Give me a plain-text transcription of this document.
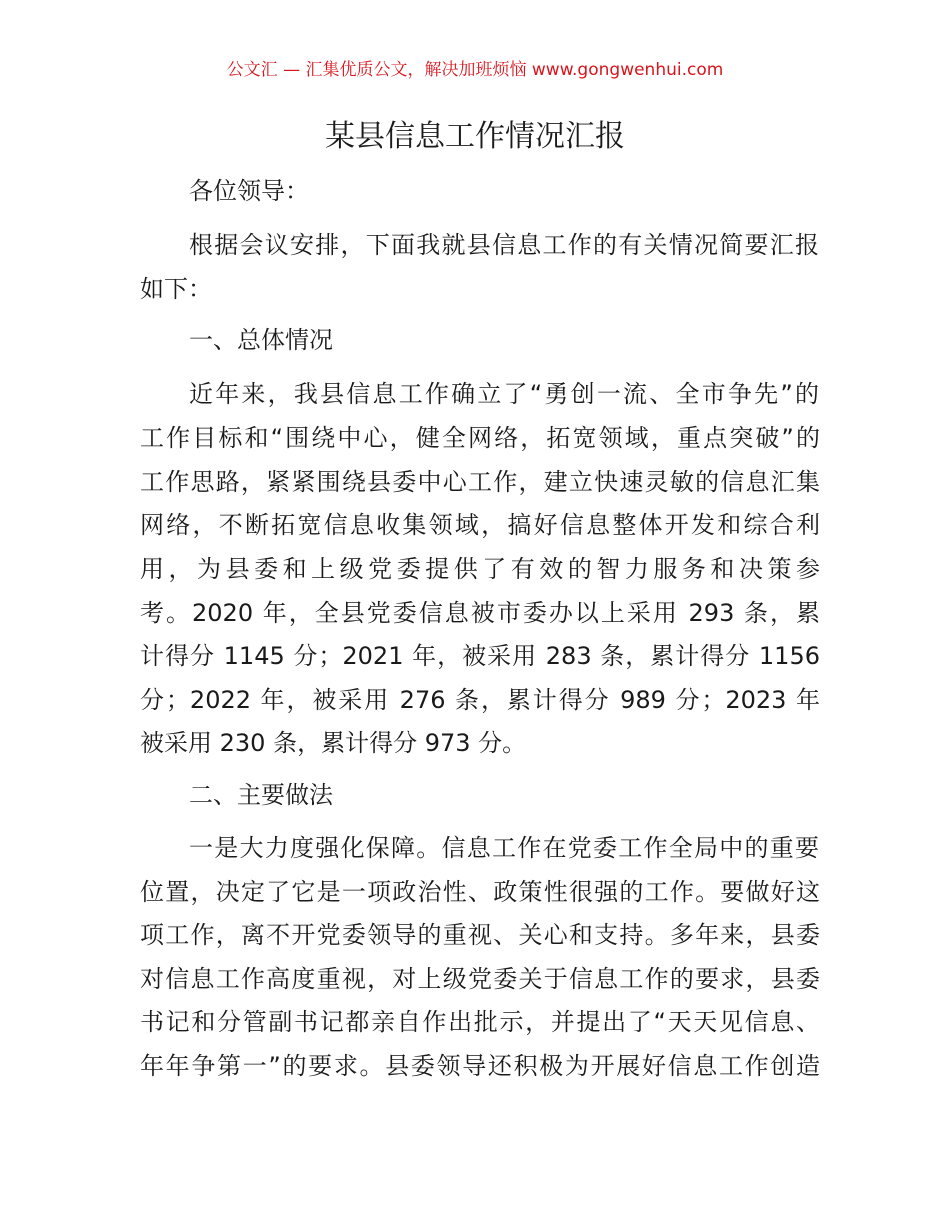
公文汇 — 汇集优质公文，解决加班烦恼 www.gongwenhui.com
某县信息工作情况汇报
各位领导：
根据会议安排，下面我就县信息工作的有关情况简要汇报
如下：
一、总体情况
近年来，我县信息工作确立了“勇创一流、全市争先”的
工作目标和“围绕中心，健全网络，拓宽领域，重点突破”的
工作思路，紧紧围绕县委中心工作，建立快速灵敏的信息汇集
网络，不断拓宽信息收集领域，搞好信息整体开发和综合利
用，为县委和上级党委提供了有效的智力服务和决策参
考。2020 年，全县党委信息被市委办以上采用 293 条，累
计得分 1145 分；2021 年，被采用 283 条，累计得分 1156
分；2022 年，被采用 276 条，累计得分 989 分；2023 年
被采用 230 条，累计得分 973 分。
二、主要做法
一是大力度强化保障。信息工作在党委工作全局中的重要
位置，决定了它是一项政治性、政策性很强的工作。要做好这
项工作，离不开党委领导的重视、关心和支持。多年来，县委
对信息工作高度重视，对上级党委关于信息工作的要求，县委
书记和分管副书记都亲自作出批示，并提出了“天天见信息、
年年争第一”的要求。县委领导还积极为开展好信息工作创造
